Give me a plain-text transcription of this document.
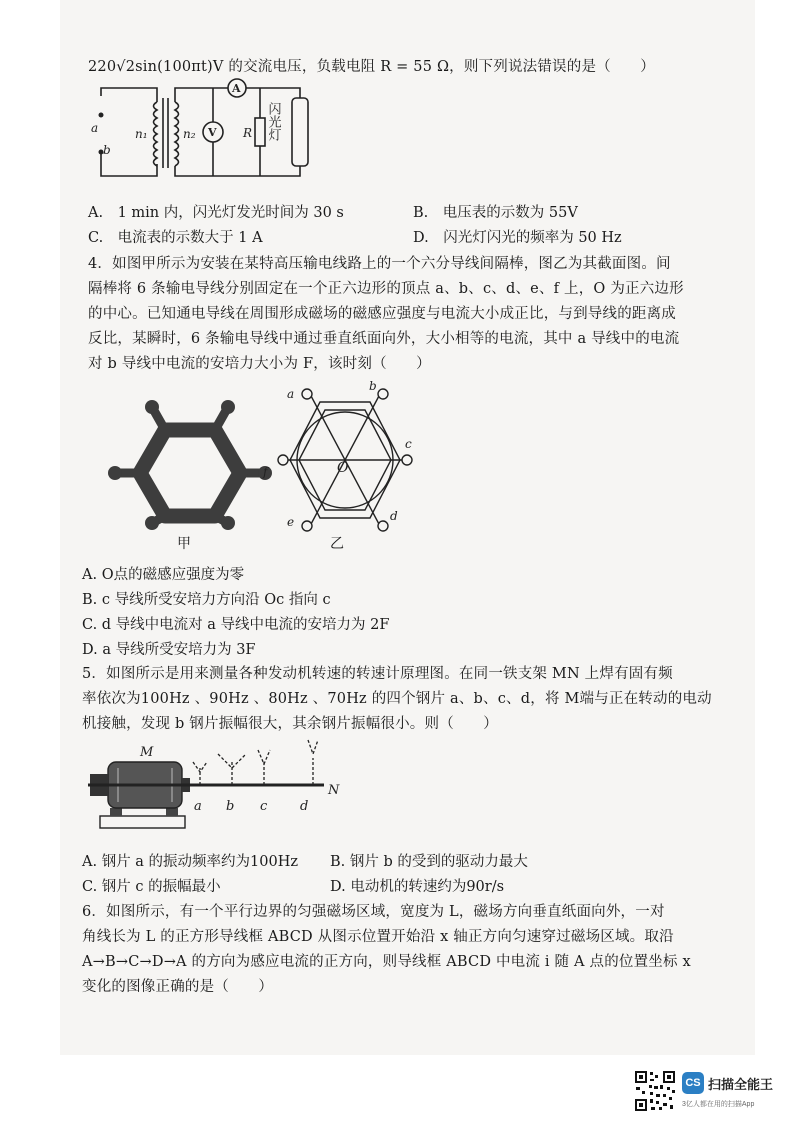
220√2sin(100πt)V 的交流电压，负载电阻 R = 55 Ω，则下列说法错误的是（　　）
a
b
n₁	n₂
A
V R 闪光灯
A.　1 min 内，闪光灯发光时间为 30 s	B.　电压表的示数为 55V
C.　电流表的示数大于 1 A	D.　闪光灯闪光的频率为 50 Hz
4．如图甲所示为安装在某特高压输电线路上的一个六分导线间隔棒，图乙为其截面图。间
隔棒将 6 条输电导线分别固定在一个正六边形的顶点 a、b、c、d、e、f 上，O 为正六边形
的中心。已知通电导线在周围形成磁场的磁感应强度与电流大小成正比，与到导线的距离成
反比，某瞬时，6 条输电导线中通过垂直纸面向外，大小相等的电流，其中 a 导线中的电流
对 b 导线中电流的安培力大小为 F，该时刻（　　）
a
b
c
d
e
f	O
甲	乙
A. O点的磁感应强度为零
B. c 导线所受安培力方向沿 Oc 指向 c
C. d 导线中电流对 a 导线中电流的安培力为 2F
D. a 导线所受安培力为 3F
5．如图所示是用来测量各种发动机转速的转速计原理图。在同一铁支架 MN 上焊有固有频
率依次为100Hz 、90Hz 、80Hz 、70Hz 的四个钢片 a、b、c、d，将 M端与正在转动的电动
机接触，发现 b 钢片振幅很大，其余钢片振幅很小。则（　　）
M
N
a b c	d
A. 钢片 a 的振动频率约为100Hz B. 钢片 b 的受到的驱动力最大
C. 钢片 c 的振幅最小	D. 电动机的转速约为90r/s
6．如图所示，有一个平行边界的匀强磁场区域，宽度为 L，磁场方向垂直纸面向外，一对
角线长为 L 的正方形导线框 ABCD 从图示位置开始沿 x 轴正方向匀速穿过磁场区域。取沿
A→B→C→D→A 的方向为感应电流的正方向，则导线框 ABCD 中电流 i 随 A 点的位置坐标 x
变化的图像正确的是（　　）
CS 扫描全能王
3亿人都在用的扫描App
